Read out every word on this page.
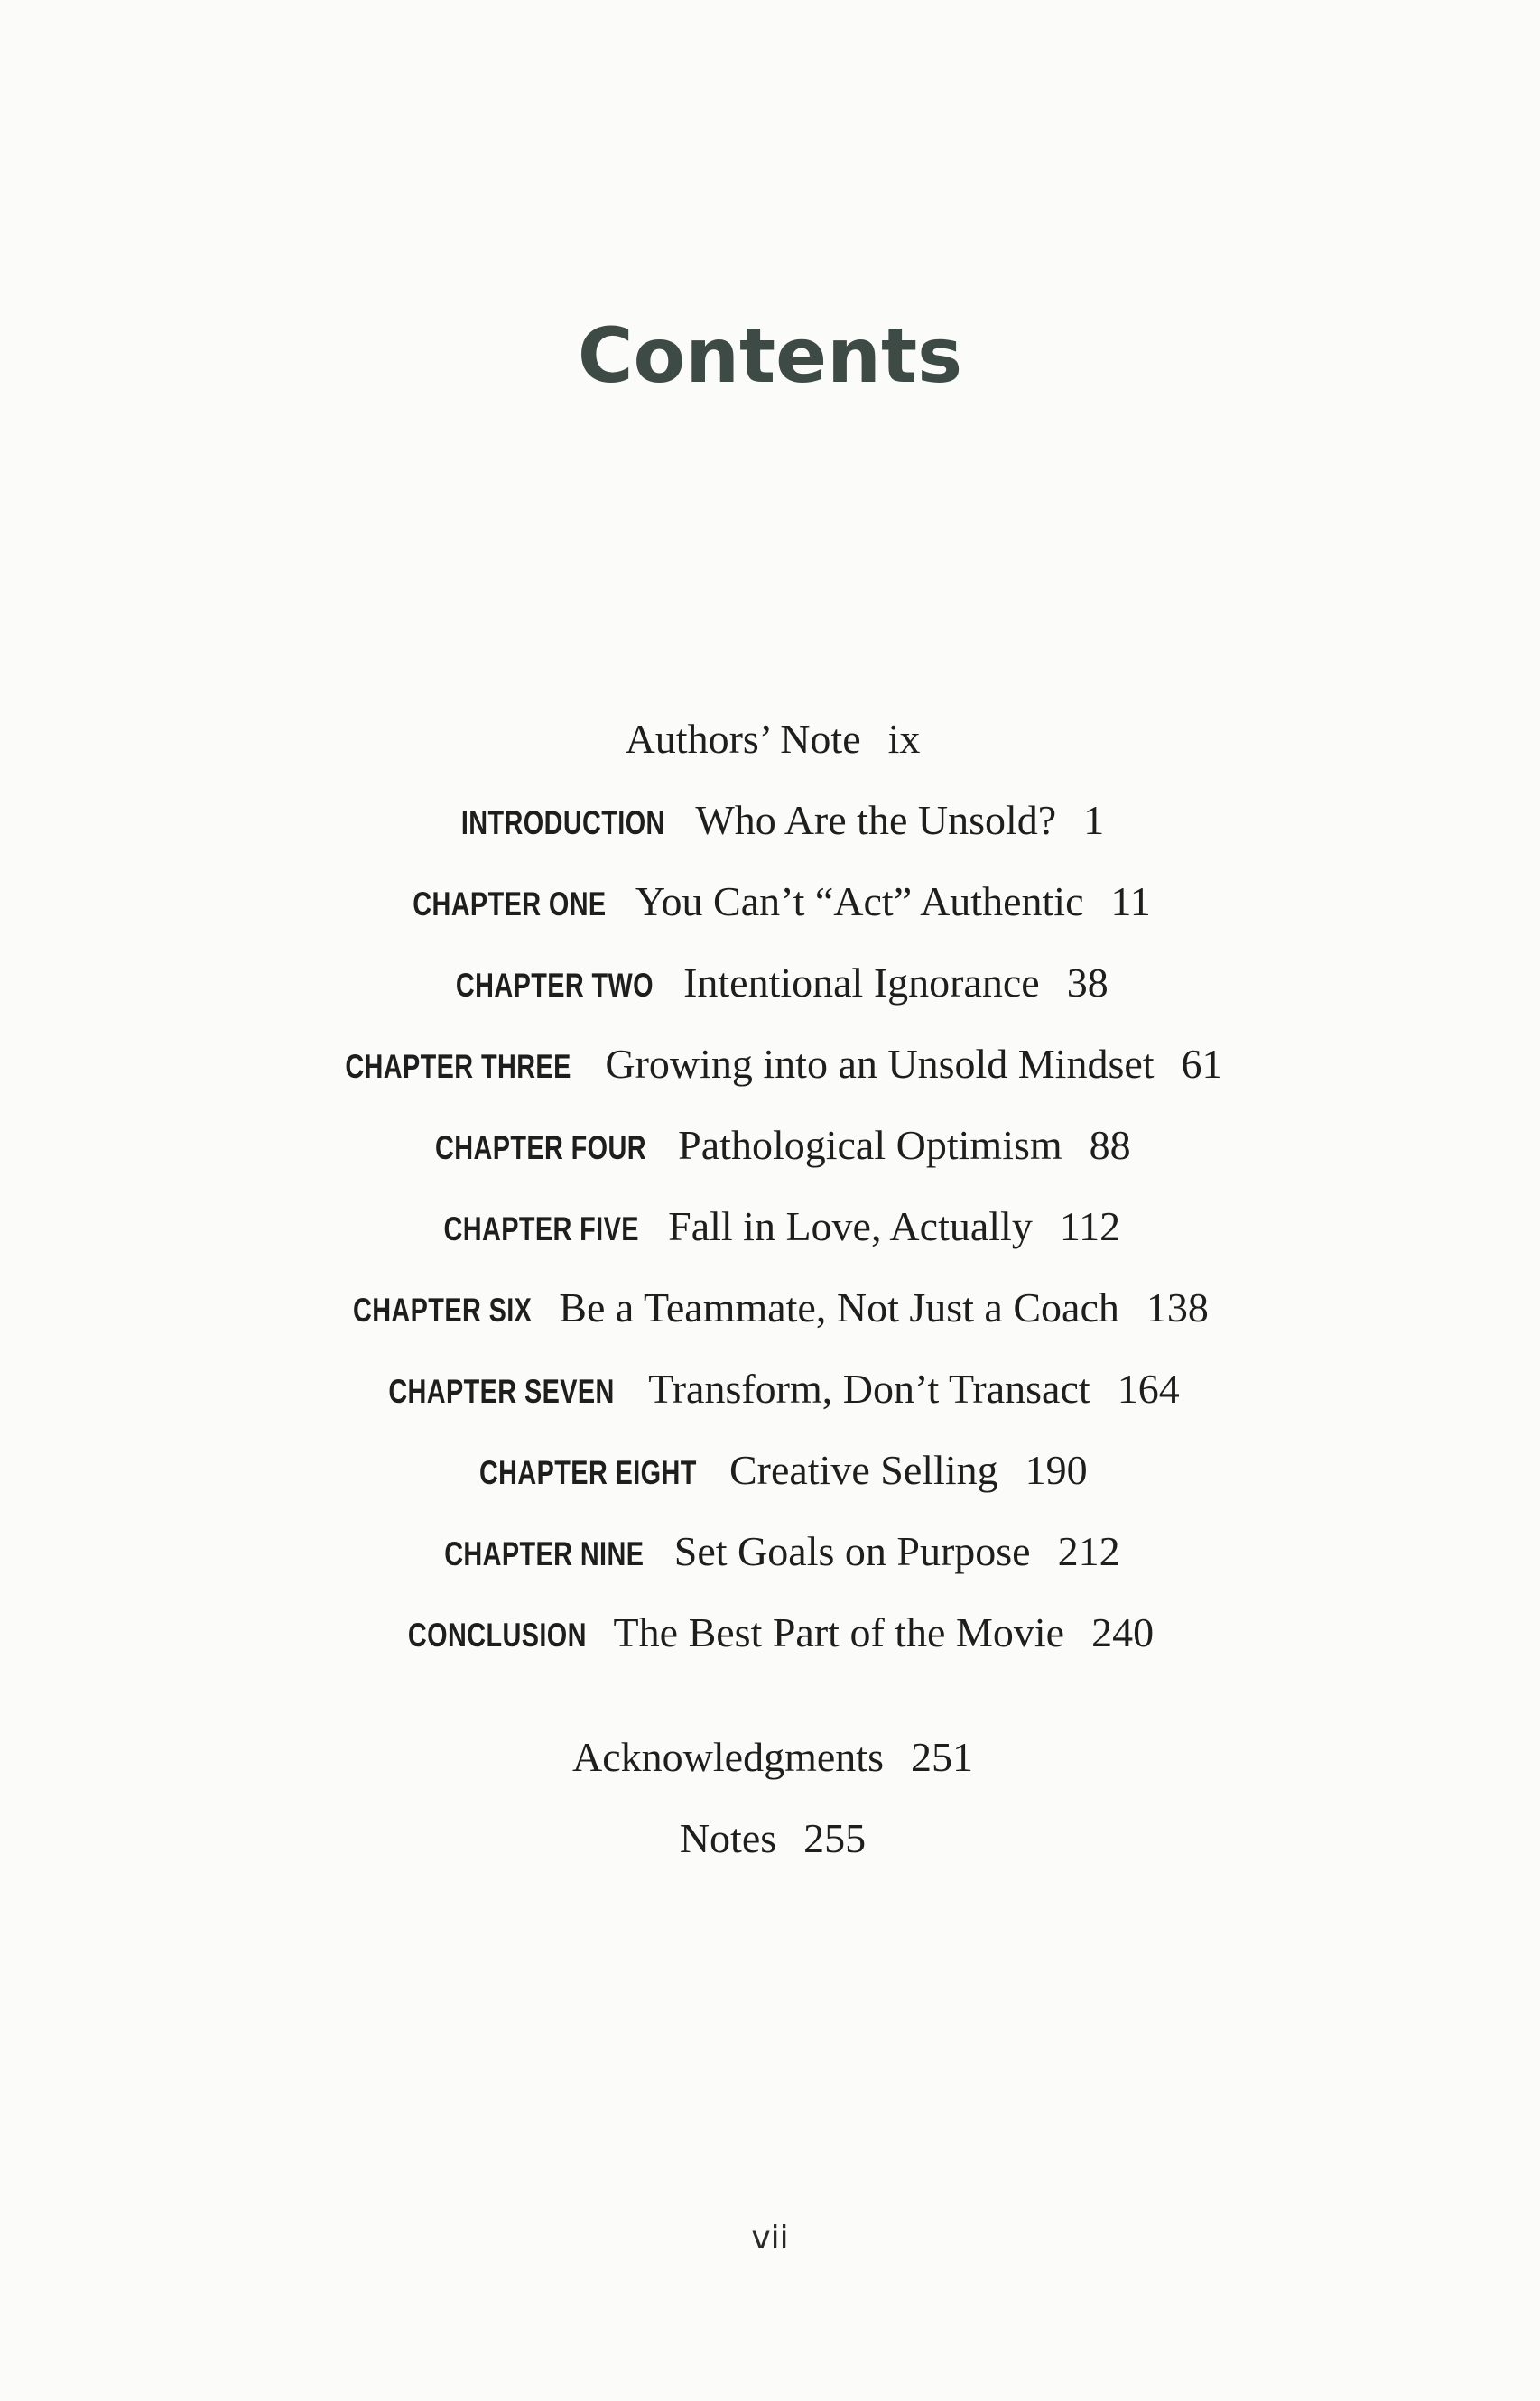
Contents
Authors’ Note ix
INTRODUCTION Who Are the Unsold? 1
CHAPTER ONE You Can’t “Act” Authentic 11
CHAPTER TWO Intentional Ignorance 38
CHAPTER THREE Growing into an Unsold Mindset 61
CHAPTER FOUR Pathological Optimism 88
CHAPTER FIVE Fall in Love, Actually 112
CHAPTER SIX Be a Teammate, Not Just a Coach 138
CHAPTER SEVEN Transform, Don’t Transact 164
CHAPTER EIGHT Creative Selling 190
CHAPTER NINE Set Goals on Purpose 212
CONCLUSION The Best Part of the Movie 240
Acknowledgments 251
Notes 255
vii
